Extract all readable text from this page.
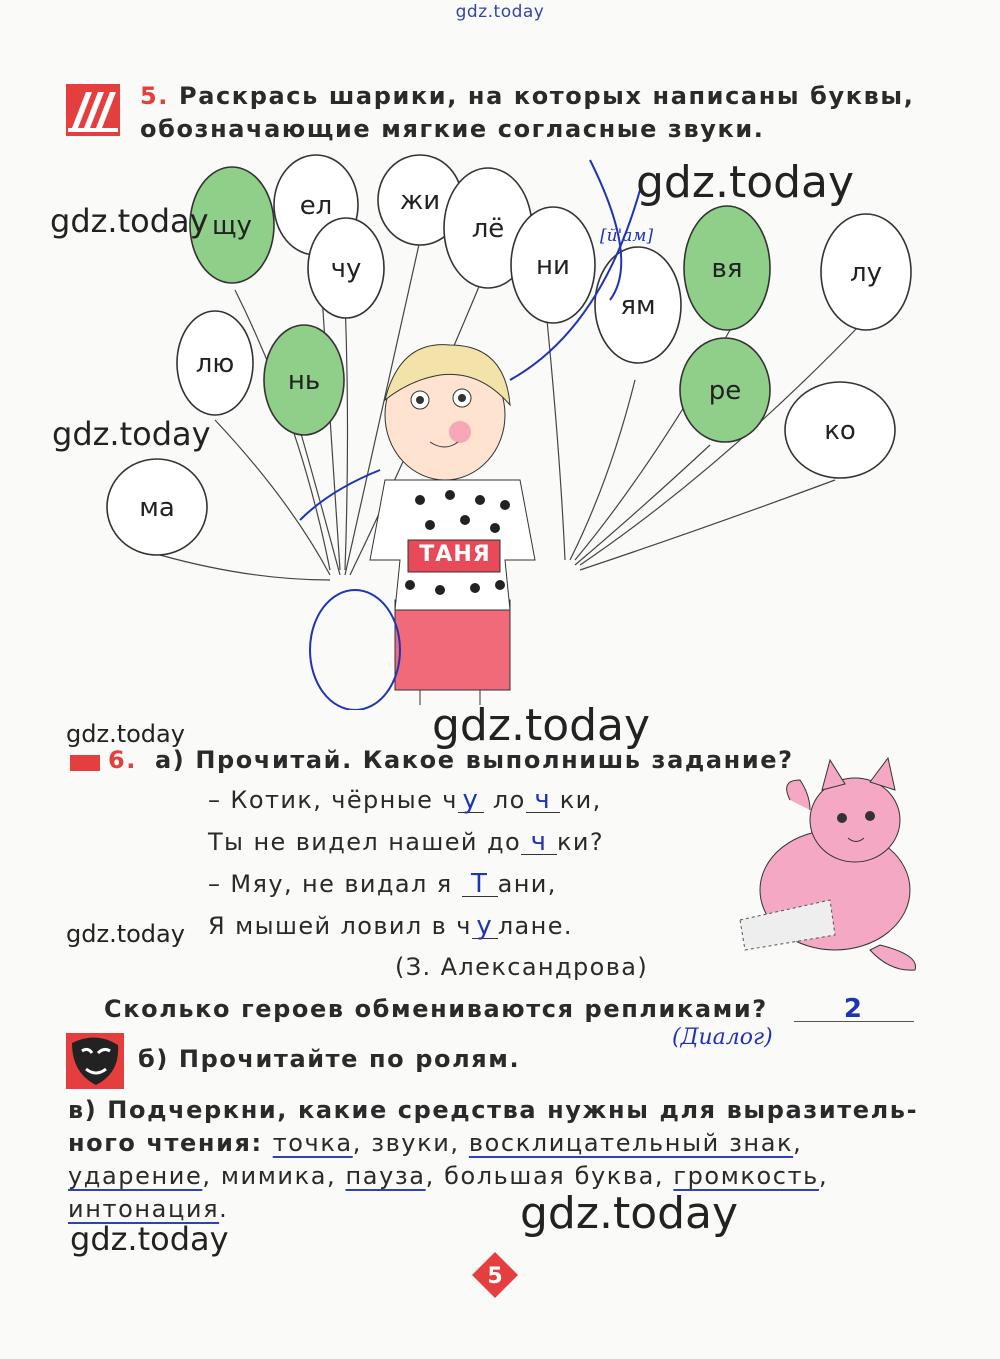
gdz.today
5. Раскрась шарики, на которых написаны буквы,
обозначающие мягкие согласные звуки.
щу
ел	жи
лё
ни	вя	лу
чу
ям
лю
нь	ре
ко
ма
[й'ам]
ТАНЯ
gdz.today
gdz.today
gdz.today
gdz.today
gdz.today
gdz.today
gdz.today
gdz.today
6. а) Прочитай. Какое выполнишь задание?
– Котик, чёрные ч у ло ч ки,
Ты не видел нашей до ч ки?
– Мяу, не видал я Т ани,
Я мышей ловил в ч у лане.
(З. Александрова)
Сколько героев обмениваются репликами?	2
(Диалог)
б) Прочитайте по ролям.
в) Подчеркни, какие средства нужны для выразитель-
ного чтения: точка, звуки, восклицательный знак,
ударение, мимика, пауза, большая буква, громкость,
интонация.
5
